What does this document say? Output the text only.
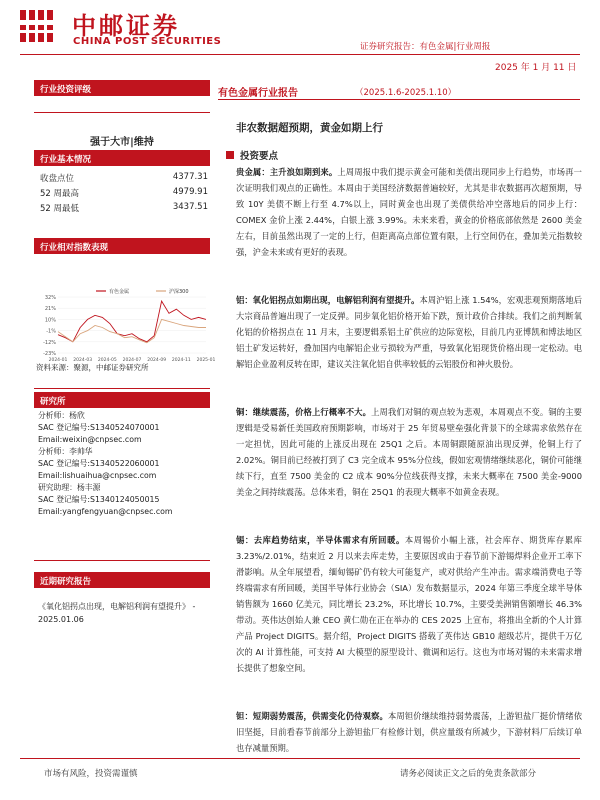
中邮证券
CHINA POST SECURITIES	证券研究报告：有色金属|行业周报
2025 年 1 月 11 日
行业投资评级
强于大市|维持
行业基本情况
收盘点位	4377.31
52 周最高	4979.91
52 周最低	3437.51
行业相对指数表现
32%
21%
10%
-1%
-12%
-23%
2024-01 2024-03 2024-05 2024-07 2024-09 2024-11 2025-01
有色金属	沪深300
资料来源：聚源，中邮证券研究所
研究所
分析师：杨欣
SAC 登记编号:S1340524070001
Email:weixin@cnpsec.com
分析师：李帅华
SAC 登记编号:S1340522060001
Email:lishuaihua@cnpsec.com
研究助理：杨丰源
SAC 登记编号:S1340124050015
Email:yangfengyuan@cnpsec.com
近期研究报告
《氧化铝拐点出现，电解铝利润有望提升》 - 2025.01.06
有色金属行业报告	（2025.1.6-2025.1.10）
非农数据超预期，黄金如期上行
投资要点
贵金属：主升浪如期到来。上周周报中我们提示黄金可能和美债出现同步上行趋势，市场再一次证明我们观点的正确性。本周由于美国经济数据普遍较好，尤其是非农数据再次超预期，导致 10Y 美债不断上行至 4.7%以上，同时黄金也出现了美债供给冲空落地后的同步上行：COMEX 金价上涨 2.44%，白银上涨 3.99%。未来来看，黄金的价格底部依然是 2600 美金左右，目前虽然出现了一定的上行，但距离高点部位置有限，上行空间仍在，叠加美元指数较强，沪金未来或有更好的表现。
铝：氧化铝拐点如期出现，电解铝利润有望提升。本周沪铝上涨 1.54%，宏观悲观预期落地后大宗商品普遍出现了一定反弹。同步氧化铝价格开始下跌，预计政价合排续。我们之前判断氧化铝的价格拐点在 11 月末，主要逻辑系铝土矿供应的边际宽松，目前几内亚博凯和博法地区铝土矿发运转好，叠加国内电解铝企业亏损较为严重，导致氧化铝现货价格出现一定松动。电解铝企业盈利反转在即，建议关注氧化铝自供率较低的云铝股份和神火股份。
铜：继续震荡，价格上行概率不大。上周我们对铜的观点较为悲观，本周观点不变。铜的主要逻辑是受易新任美国政府预期影响，市场对于 25 年贸易壁垒强化背景下的全球需求依然存在一定担忧，因此可能的上涨反出现在 25Q1 之后。本周铜跟随原油出现反弹，伦铜上行了 2.02%。铜目前已经被打到了 C3 完全成本 95%分位线，假如宏观情绪继续恶化，铜价可能继续下行，直至 7500 美金的 C2 成本 90%分位线获得支撑，未来大概率在 7500 美金-9000 美金之间持续震荡。总体来看，铜在 25Q1 的表现大概率不如黄金表现。
锡：去库趋势结束，半导体需求有所回暖。本周锡价小幅上涨，社会库存、期货库存累库 3.23%/2.01%，结束近 2 月以来去库走势，主要原因或由于春节前下游锡焊料企业开工率下滑影响。从全年展望看，缅甸锡矿仍有较大可能复产，或对供给产生冲击。需求端消费电子等终端需求有所回暖，美国半导体行业协会（SIA）发布数据显示，2024 年第三季度全球半导体销售额为 1660 亿美元，同比增长 23.2%，环比增长 10.7%，主要受美洲销售额增长 46.3%带动。英伟达创始人兼 CEO 黄仁勋在正在举办的 CES 2025 上宣布，将推出全新的个人计算产品 Project DIGITS。据介绍，Project DIGITS 搭载了英伟达 GB10 超级芯片，提供千万亿次的 AI 计算性能，可支持 AI 大模型的原型设计、微调和运行。这也为市场对锡的未来需求增长提供了想象空间。
钽：短期弱势震荡，供需变化仍待观察。本周钽价继续维持弱势震荡，上游钽盐厂挺价情绪依旧坚挺，目前看春节前部分上游钽盐厂有检修计划，供应量级有所减少，下游材料厂后续订单也存减量预期。
市场有风险，投资需谨慎	请务必阅读正文之后的免责条款部分
